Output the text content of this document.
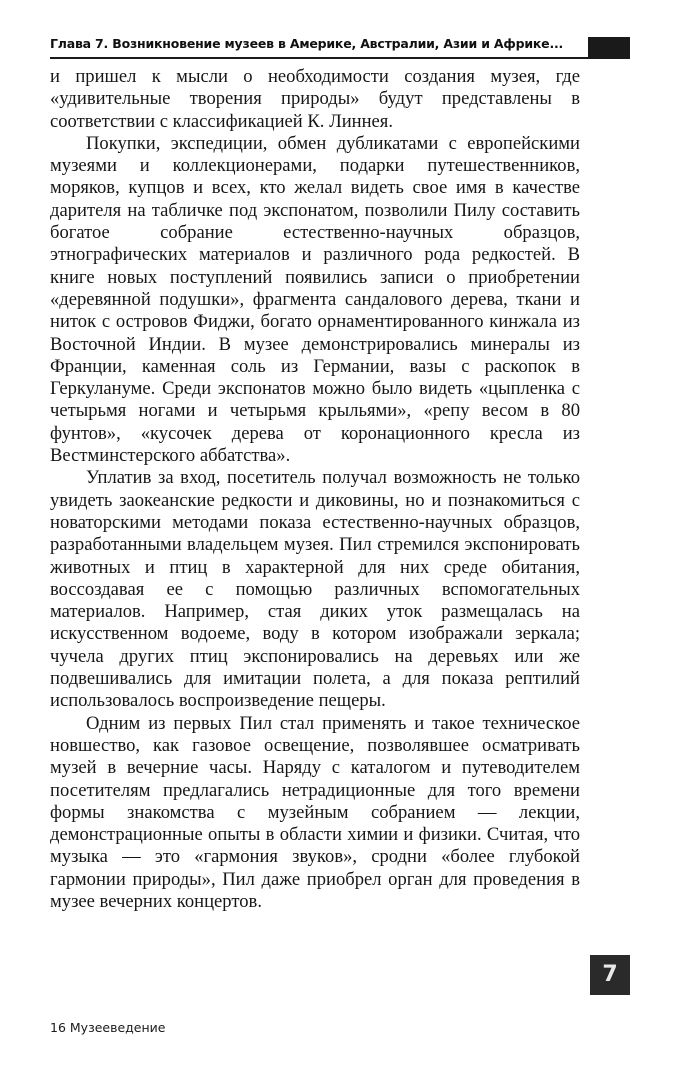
Глава 7. Возникновение музеев в Америке, Австралии, Азии и Африке...

и пришел к мысли о необходимости создания музея, где «удивительные творения природы» будут представлены в соответствии с классификацией К. Линнея.

Покупки, экспедиции, обмен дубликатами с европейскими музеями и коллекционерами, подарки путешественников, моряков, купцов и всех, кто желал видеть свое имя в качестве дарителя на табличке под экспонатом, позволили Пилу составить богатое собрание естественно-научных образцов, этнографических материалов и различного рода редкостей. В книге новых поступлений появились записи о приобретении «деревянной подушки», фрагмента сандалового дерева, ткани и ниток с островов Фиджи, богато орнаментированного кинжала из Восточной Индии. В музее демонстрировались минералы из Франции, каменная соль из Германии, вазы с раскопок в Геркулануме. Среди экспонатов можно было видеть «цыпленка с четырьмя ногами и четырьмя крыльями», «репу весом в 80 фунтов», «кусочек дерева от коронационного кресла из Вестминстерского аббатства».

Уплатив за вход, посетитель получал возможность не только увидеть заокеанские редкости и диковины, но и познакомиться с новаторскими методами показа естественно-научных образцов, разработанными владельцем музея. Пил стремился экспонировать животных и птиц в характерной для них среде обитания, воссоздавая ее с помощью различных вспомогательных материалов. Например, стая диких уток размещалась на искусственном водоеме, воду в котором изображали зеркала; чучела других птиц экспонировались на деревьях или же подвешивались для имитации полета, а для показа рептилий использовалось воспроизведение пещеры.

Одним из первых Пил стал применять и такое техническое новшество, как газовое освещение, позволявшее осматривать музей в вечерние часы. Наряду с каталогом и путеводителем посетителям предлагались нетрадиционные для того времени формы знакомства с музейным собранием — лекции, демонстрационные опыты в области химии и физики. Считая, что музыка — это «гармония звуков», сродни «более глубокой гармонии природы», Пил даже приобрел орган для проведения в музее вечерних концертов.

7
16 Музееведение
